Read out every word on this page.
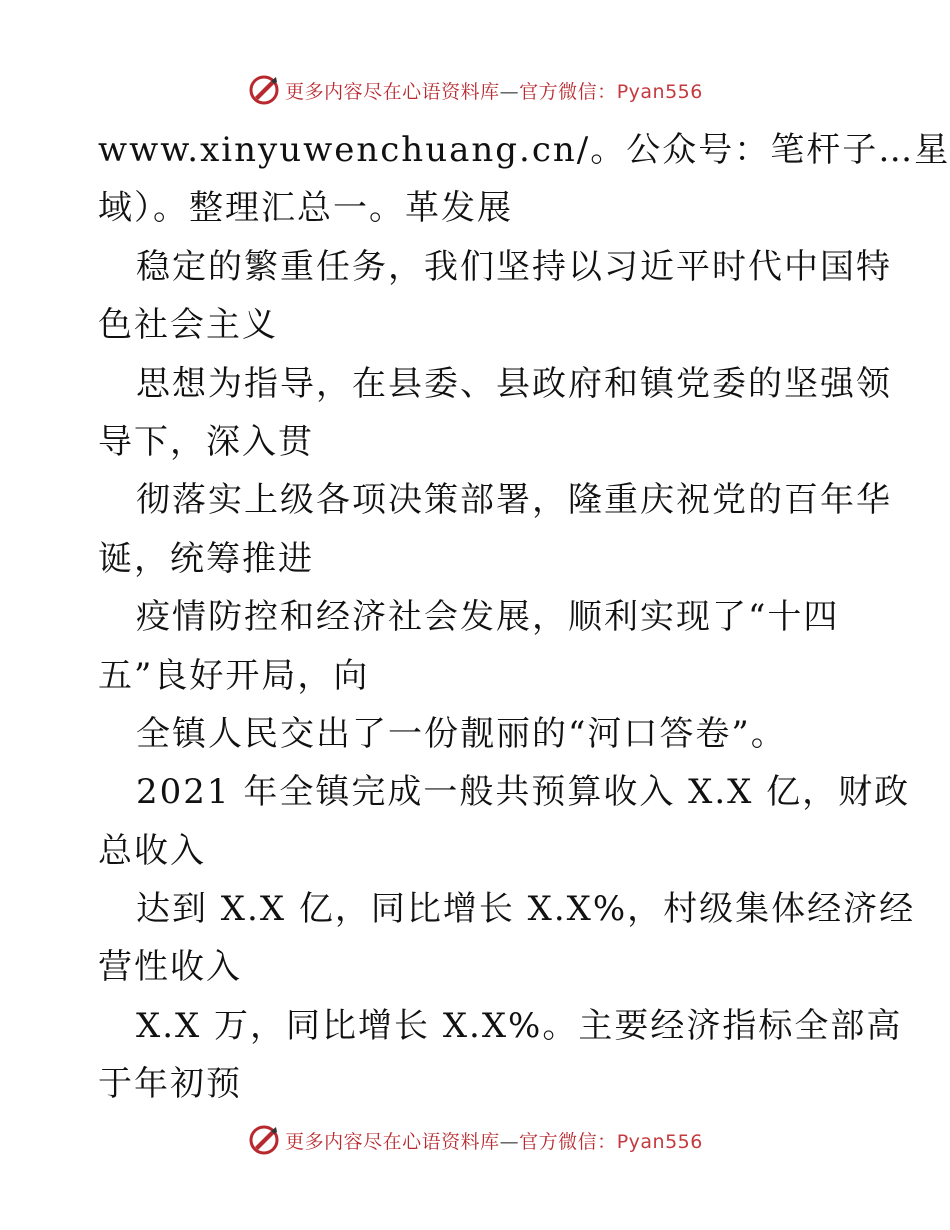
更多内容尽在心语资料库—官方微信：Pyan556
www.xinyuwenchuang.cn/。公众号：笔杆子…星
域）。整理汇总一。革发展
稳定的繁重任务，我们坚持以习近平时代中国特
色社会主义
思想为指导，在县委、县政府和镇党委的坚强领
导下，深入贯
彻落实上级各项决策部署，隆重庆祝党的百年华
诞，统筹推进
疫情防控和经济社会发展，顺利实现了“十四
五”良好开局，向
全镇人民交出了一份靓丽的“河口答卷”。
2021 年全镇完成一般共预算收入 X.X 亿，财政
总收入
达到 X.X 亿，同比增长 X.X%，村级集体经济经
营性收入
X.X 万，同比增长 X.X%。主要经济指标全部高
于年初预
更多内容尽在心语资料库—官方微信：Pyan556
